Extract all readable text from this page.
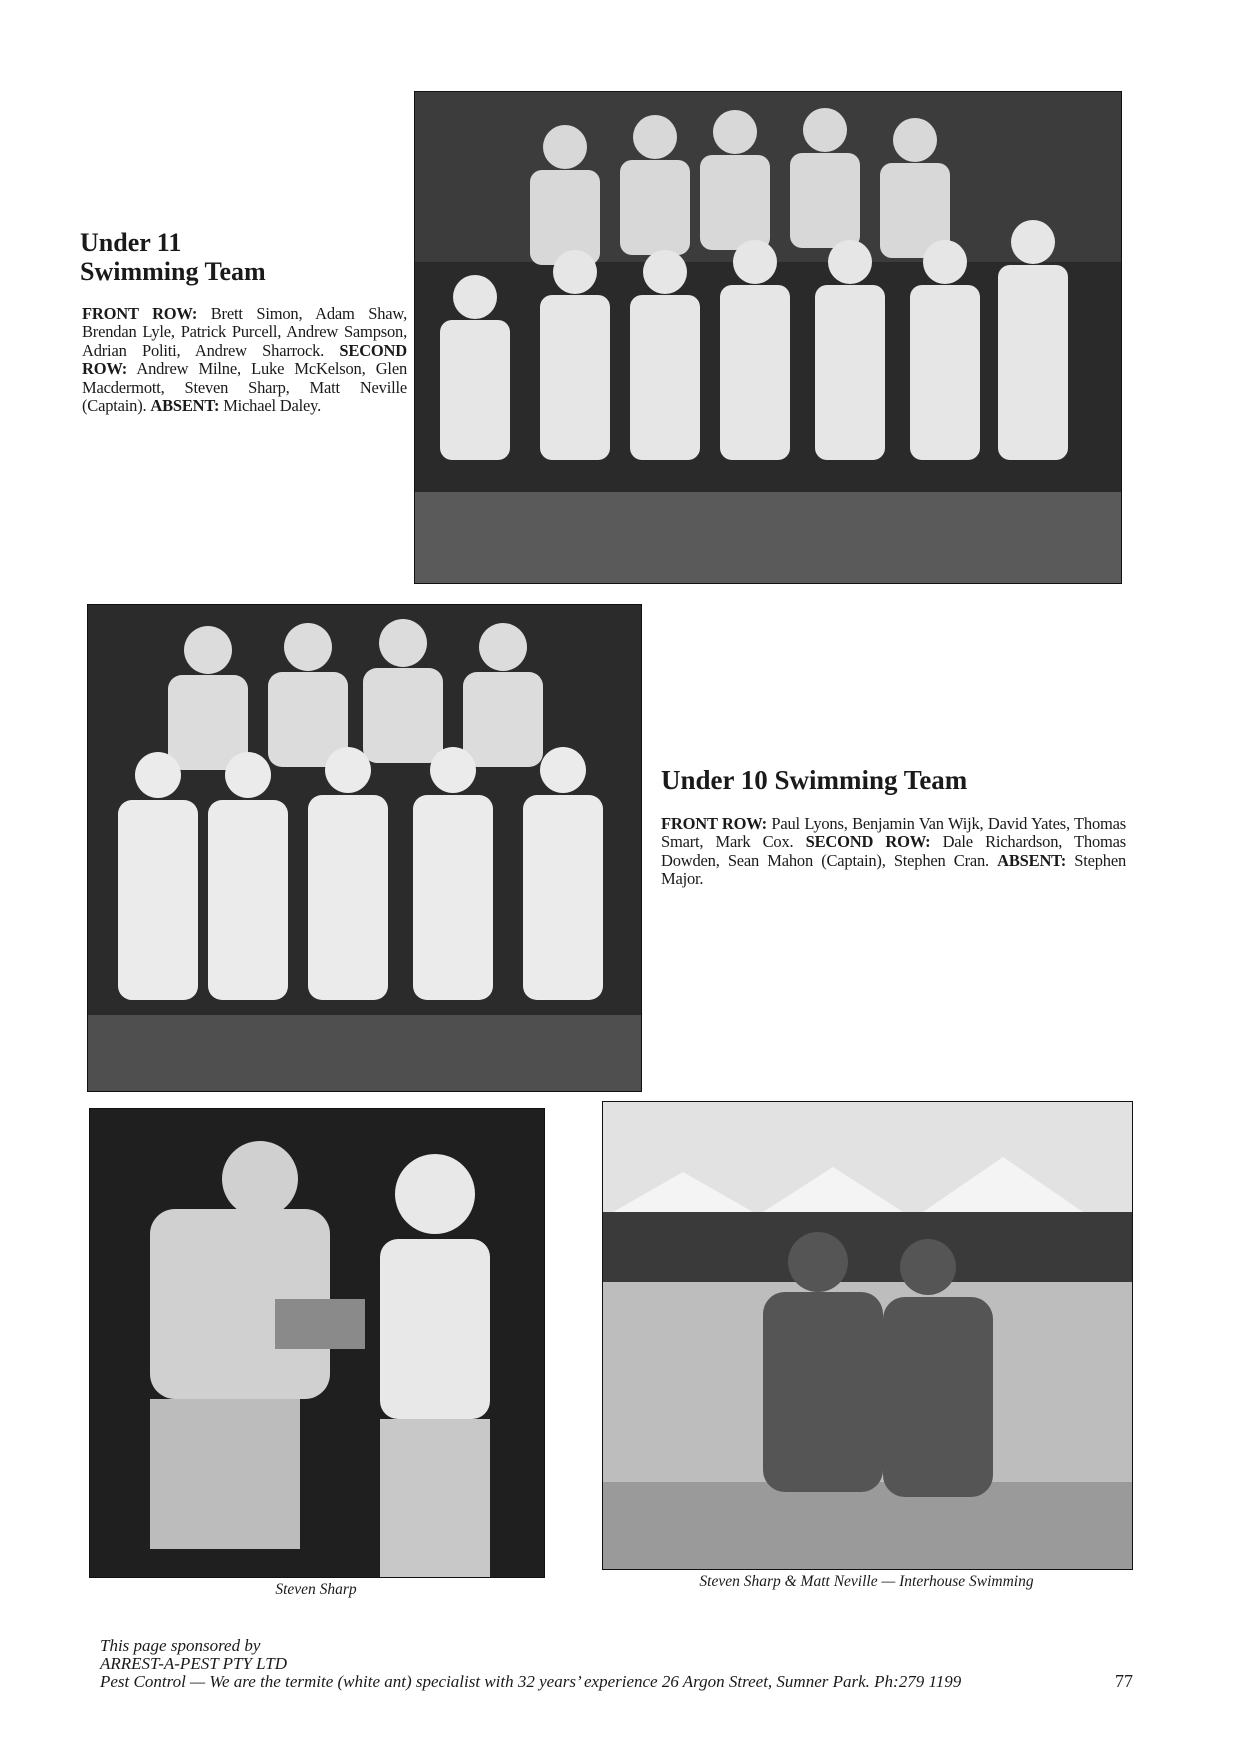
Under 11
Swimming Team

FRONT ROW: Brett Simon, Adam Shaw, Brendan Lyle, Patrick Purcell, Andrew Sampson, Adrian Politi, Andrew Sharrock. SECOND ROW: Andrew Milne, Luke McKelson, Glen Macdermott, Steven Sharp, Matt Neville (Captain). ABSENT: Michael Daley.

Under 10 Swimming Team

FRONT ROW: Paul Lyons, Benjamin Van Wijk, David Yates, Thomas Smart, Mark Cox. SECOND ROW: Dale Richardson, Thomas Dowden, Sean Mahon (Captain), Stephen Cran. ABSENT: Stephen Major.

Steven Sharp	Steven Sharp & Matt Neville — Interhouse Swimming

This page sponsored by
ARREST-A-PEST PTY LTD
Pest Control — We are the termite (white ant) specialist with 32 years’ experience 26 Argon Street, Sumner Park. Ph:279 1199	77
